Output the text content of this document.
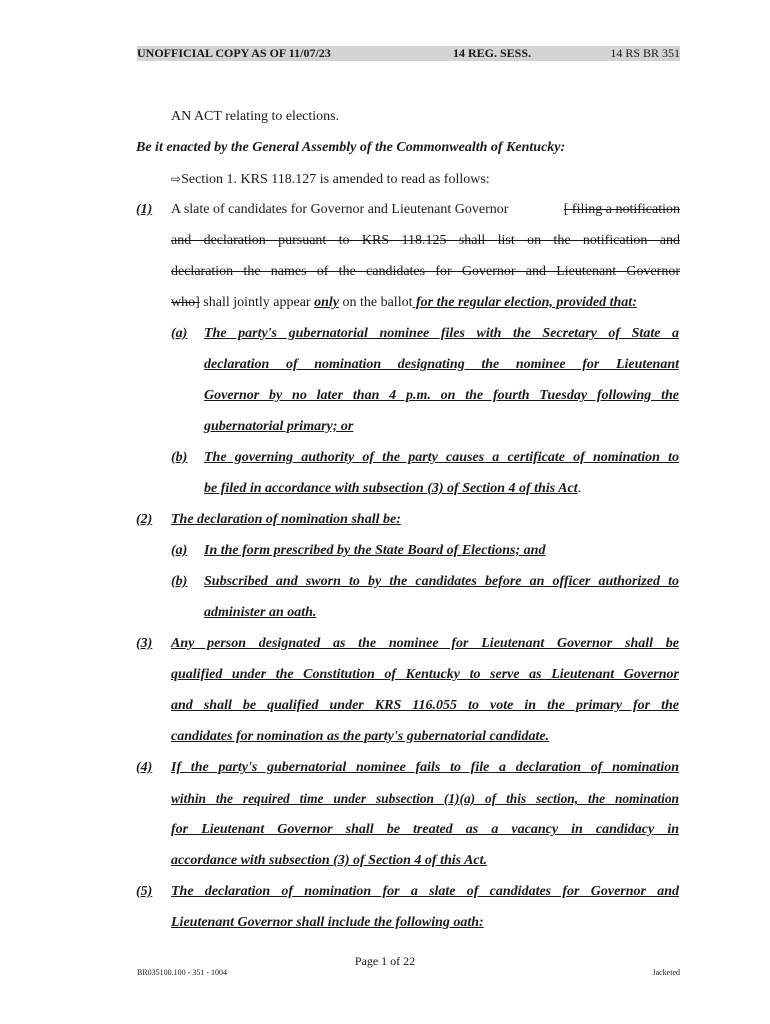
UNOFFICIAL COPY AS OF 11/07/23	14 REG. SESS.	14 RS BR 351
AN ACT relating to elections.
Be it enacted by the General Assembly of the Commonwealth of Kentucky:
⇨Section 1. KRS 118.127 is amended to read as follows:
(1) A slate of candidates for Governor and Lieutenant Governor	[ filing a notification
and declaration pursuant to KRS 118.125 shall list on the notification and
declaration the names of the candidates for Governor and Lieutenant Governor
who] shall jointly appear only on the ballot for the regular election, provided that:
(a) The party's gubernatorial nominee files with the Secretary of State a
declaration of nomination designating the nominee for Lieutenant
Governor by no later than 4 p.m. on the fourth Tuesday following the
gubernatorial primary; or
(b) The governing authority of the party causes a certificate of nomination to
be filed in accordance with subsection (3) of Section 4 of this Act.
(2) The declaration of nomination shall be:
(a) In the form prescribed by the State Board of Elections; and
(b) Subscribed and sworn to by the candidates before an officer authorized to
administer an oath.
(3) Any person designated as the nominee for Lieutenant Governor shall be
qualified under the Constitution of Kentucky to serve as Lieutenant Governor
and shall be qualified under KRS 116.055 to vote in the primary for the
candidates for nomination as the party's gubernatorial candidate.
(4) If the party's gubernatorial nominee fails to file a declaration of nomination
within the required time under subsection (1)(a) of this section, the nomination
for Lieutenant Governor shall be treated as a vacancy in candidacy in
accordance with subsection (3) of Section 4 of this Act.
(5) The declaration of nomination for a slate of candidates for Governor and
Lieutenant Governor shall include the following oath:
Page 1 of 22
BR035100.100 - 351 - 1004	Jacketed
